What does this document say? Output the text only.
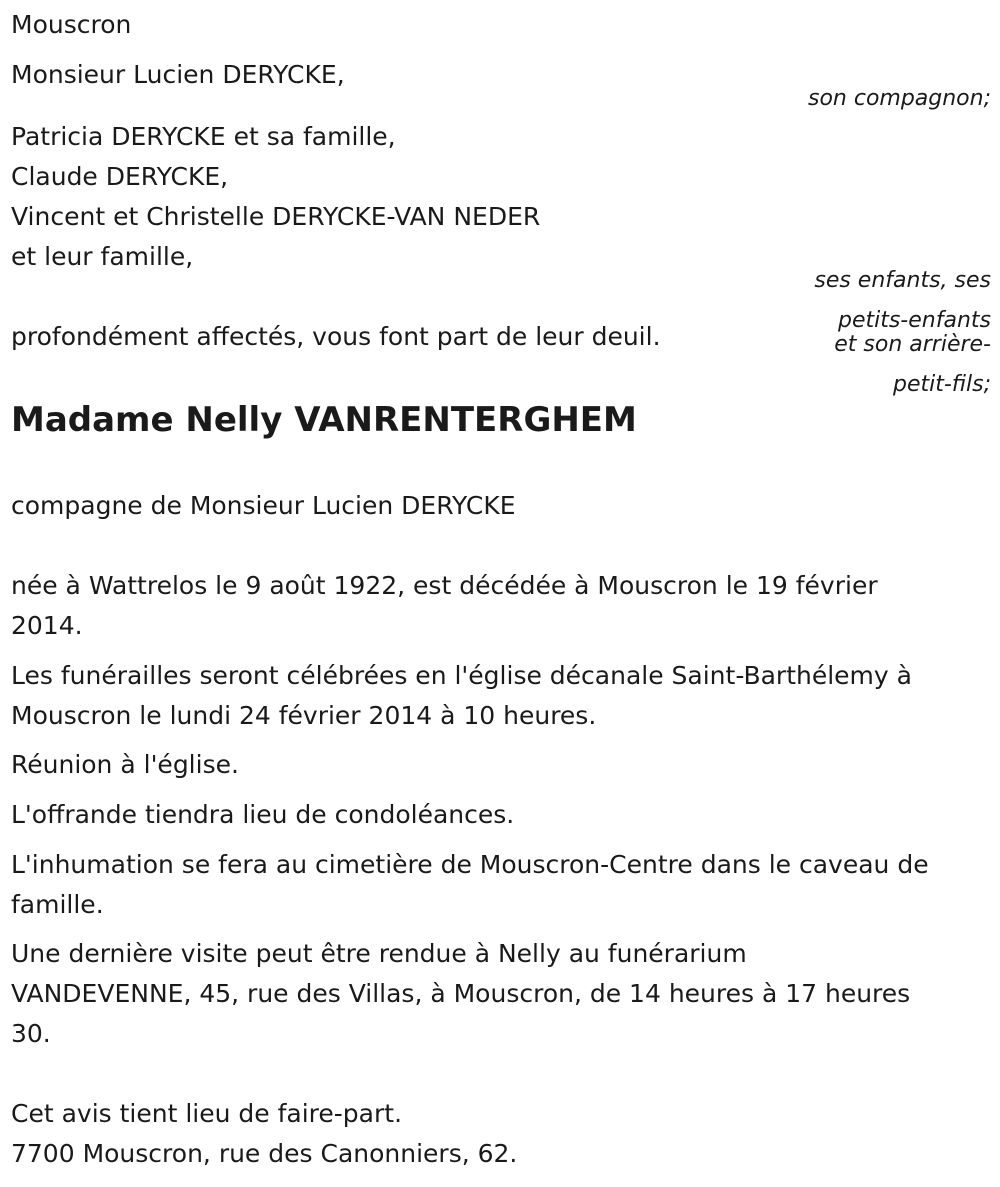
Mouscron

Monsieur Lucien DERYCKE,

son compagnon;

Patricia DERYCKE et sa famille,

Claude DERYCKE,

Vincent et Christelle DERYCKE-VAN NEDER

et leur famille,

ses enfants, ses

petits-enfants

et son arrière-

petit-fils;

profondément affectés, vous font part de leur deuil.

Madame Nelly VANRENTERGHEM

compagne de Monsieur Lucien DERYCKE

née à Wattrelos le 9 août 1922, est décédée à Mouscron le 19 février

2014.

Les funérailles seront célébrées en l'église décanale Saint-Barthélemy à

Mouscron le lundi 24 février 2014 à 10 heures.

Réunion à l'église.

L'offrande tiendra lieu de condoléances.

L'inhumation se fera au cimetière de Mouscron-Centre dans le caveau de

famille.

Une dernière visite peut être rendue à Nelly au funérarium

VANDEVENNE, 45, rue des Villas, à Mouscron, de 14 heures à 17 heures

30.

Cet avis tient lieu de faire-part.

7700 Mouscron, rue des Canonniers, 62.
